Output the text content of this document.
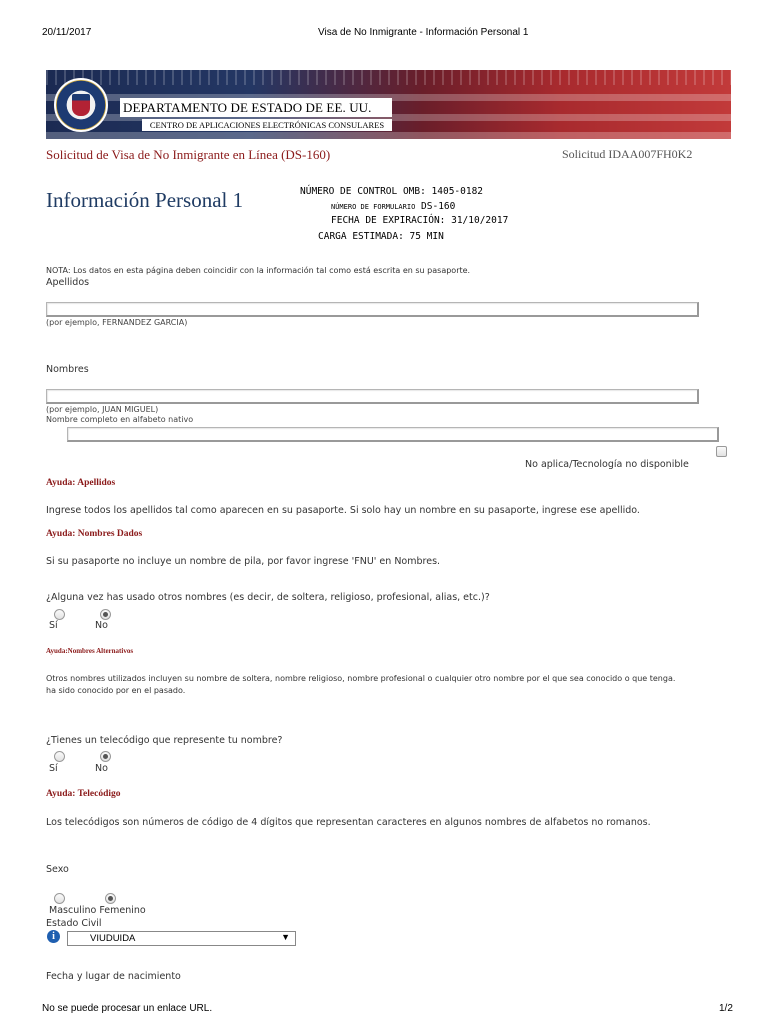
20/11/2017	Visa de No Inmigrante - Información Personal 1
DEPARTAMENTO DE ESTADO DE EE. UU.
CENTRO DE APLICACIONES ELECTRÓNICAS CONSULARES
Solicitud de Visa de No Inmigrante en Línea (DS-160)	Solicitud IDAA007FH0K2
Información Personal 1	NÚMERO DE CONTROL OMB: 1405-0182
NÚMERO DE FORMULARIO DS-160
FECHA DE EXPIRACIÓN: 31/10/2017
CARGA ESTIMADA: 75 MIN
NOTA: Los datos en esta página deben coincidir con la información tal como está escrita en su pasaporte.
Apellidos
(por ejemplo, FERNANDEZ GARCIA)
Nombres
(por ejemplo, JUAN MIGUEL)
Nombre completo en alfabeto nativo
No aplica/Tecnología no disponible
Ayuda: Apellidos
Ingrese todos los apellidos tal como aparecen en su pasaporte. Si solo hay un nombre en su pasaporte, ingrese ese apellido.
Ayuda: Nombres Dados
Si su pasaporte no incluye un nombre de pila, por favor ingrese 'FNU' en Nombres.
¿Alguna vez has usado otros nombres (es decir, de soltera, religioso, profesional, alias, etc.)?
Sí	No
Ayuda:Nombres Alternativos
Otros nombres utilizados incluyen su nombre de soltera, nombre religioso, nombre profesional o cualquier otro nombre por el que sea conocido o que tenga.
ha sido conocido por en el pasado.
¿Tienes un telecódigo que represente tu nombre?
Sí	No
Ayuda: Telecódigo
Los telecódigos son números de código de 4 dígitos que representan caracteres en algunos nombres de alfabetos no romanos.
Sexo
Masculino Femenino
Estado Civil
i	VIUDUIDA	▼
Fecha y lugar de nacimiento
No se puede procesar un enlace URL.	1/2
